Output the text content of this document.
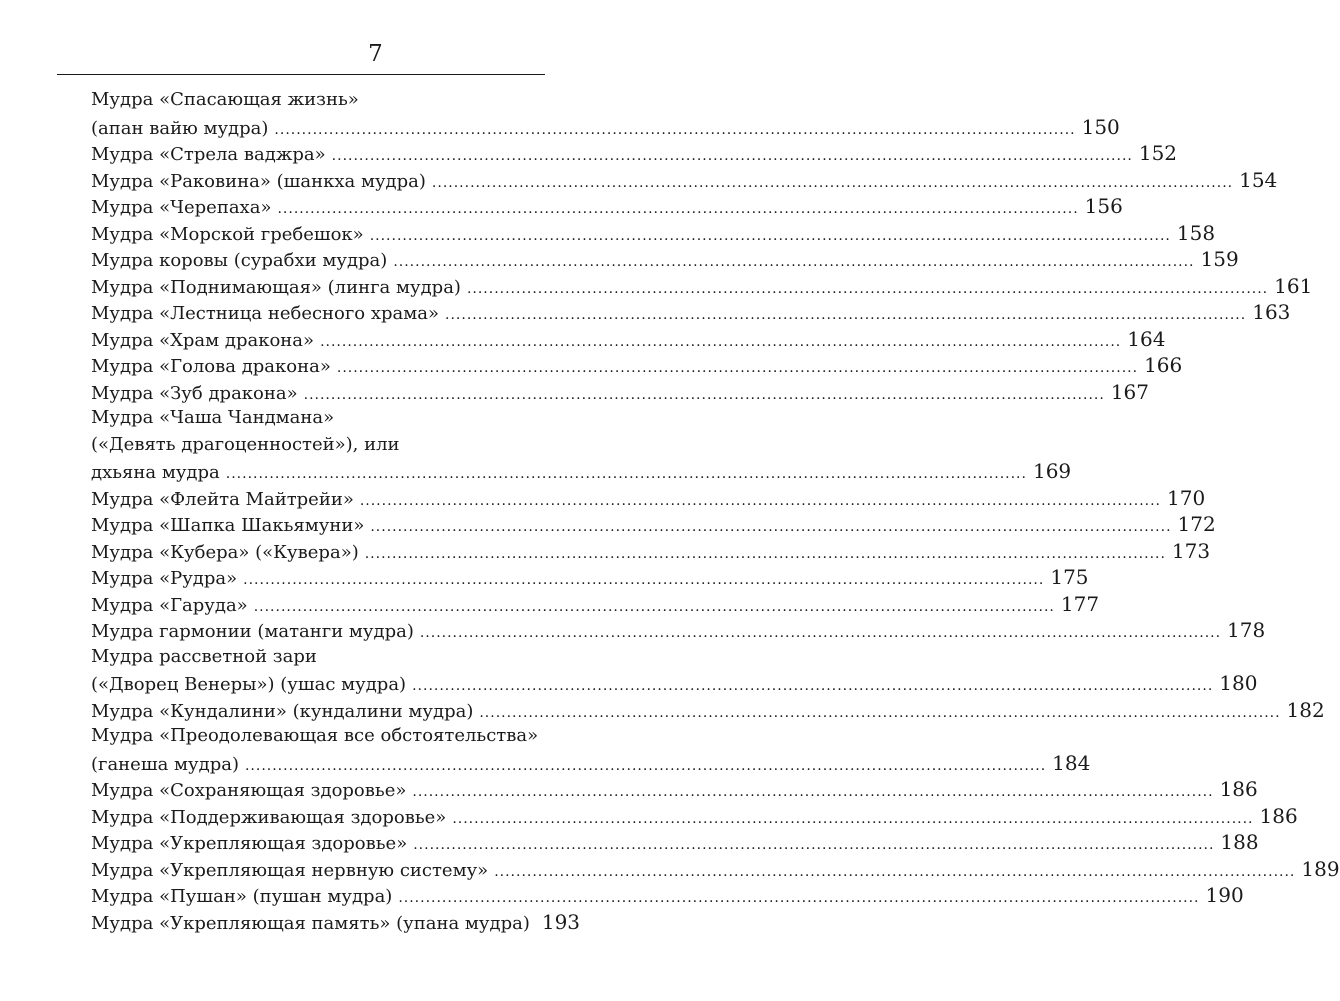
7
Мудра «Спасающая жизнь»
(апан вайю мудра) .....	150
Мудра «Стрела ваджра» .....	152
Мудра «Раковина» (шанкха мудра) .....	154
Мудра «Черепаха» .....	156
Мудра «Морской гребешок» .....	158
Мудра коровы (сурабхи мудра) .....	159
Мудра «Поднимающая» (линга мудра) .....	161
Мудра «Лестница небесного храма» .....	163
Мудра «Храм дракона» .....	164
Мудра «Голова дракона» .....	166
Мудра «Зуб дракона» .....	167
Мудра «Чаша Чандмана»
(«Девять драгоценностей»), или
дхьяна мудра .....	169
Мудра «Флейта Майтрейи» .....	170
Мудра «Шапка Шакьямуни» .....	172
Мудра «Кубера» («Кувера») .....	173
Мудра «Рудра» .....	175
Мудра «Гаруда» .....	177
Мудра гармонии (матанги мудра) .....	178
Мудра рассветной зари
(«Дворец Венеры») (ушас мудра) .....	180
Мудра «Кундалини» (кундалини мудра) .....	182
Мудра «Преодолевающая все обстоятельства»
(ганеша мудра) .....	184
Мудра «Сохраняющая здоровье» .....	186
Мудра «Поддерживающая здоровье» .....	186
Мудра «Укрепляющая здоровье» .....	188
Мудра «Укрепляющая нервную систему» .....	189
Мудра «Пушан» (пушан мудра) .....	190
Мудра «Укрепляющая память» (упана мудра) 193
